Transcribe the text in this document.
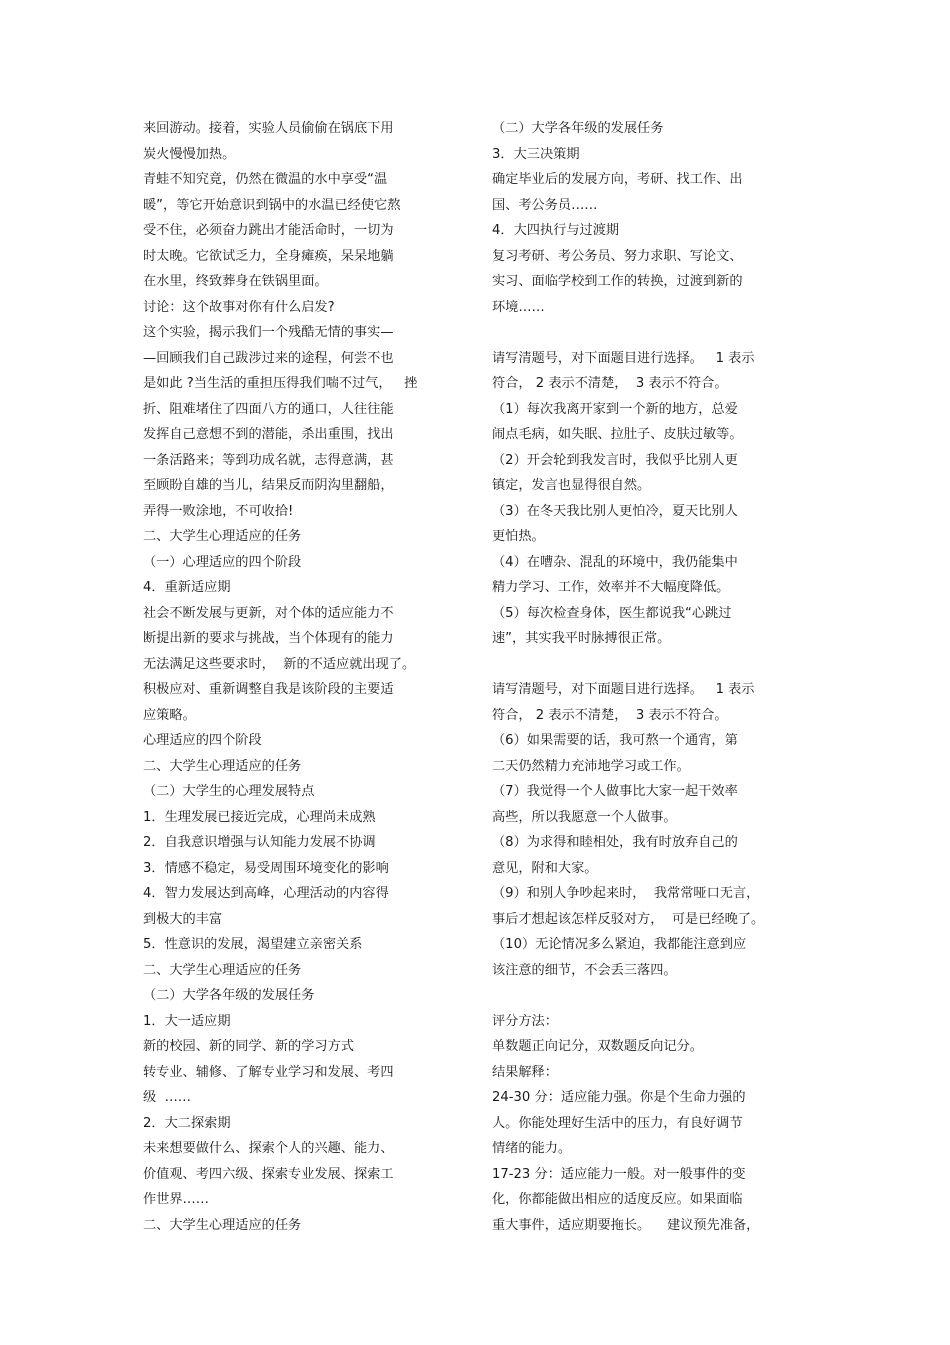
来回游动。接着，实验人员偷偷在锅底下用
炭火慢慢加热。
青蛙不知究竟，仍然在微温的水中享受“温
暖”，等它开始意识到锅中的水温已经使它熬
受不住，必须奋力跳出才能活命时，一切为
时太晚。它欲试乏力，全身瘫痪，呆呆地躺
在水里，终致葬身在铁锅里面。
讨论：这个故事对你有什么启发?
这个实验，揭示我们一个残酷无情的事实—
—回顾我们自己跋涉过来的途程，何尝不也
是如此 ?当生活的重担压得我们喘不过气，   挫
折、阻难堵住了四面八方的通口，人往往能
发挥自己意想不到的潜能，杀出重围，找出
一条活路来；等到功成名就，志得意满，甚
至顾盼自雄的当儿，结果反而阴沟里翻船，
弄得一败涂地，不可收拾!
二、大学生心理适应的任务
（一）心理适应的四个阶段
4．重新适应期
社会不断发展与更新，对个体的适应能力不
断提出新的要求与挑战，当个体现有的能力
无法满足这些要求时，  新的不适应就出现了。
积极应对、重新调整自我是该阶段的主要适
应策略。
心理适应的四个阶段
二、大学生心理适应的任务
（二）大学生的心理发展特点
1．生理发展已接近完成，心理尚未成熟
2．自我意识增强与认知能力发展不协调
3．情感不稳定，易受周围环境变化的影响
4．智力发展达到高峰，心理活动的内容得
到极大的丰富
5．性意识的发展，渴望建立亲密关系
二、大学生心理适应的任务
（二）大学各年级的发展任务
1．大一适应期
新的校园、新的同学、新的学习方式
转专业、辅修、了解专业学习和发展、考四
级  ……
2．大二探索期
未来想要做什么、探索个人的兴趣、能力、
价值观、考四六级、探索专业发展、探索工
作世界……
二、大学生心理适应的任务
（二）大学各年级的发展任务
3．大三决策期
确定毕业后的发展方向，考研、找工作、出
国、考公务员……
4．大四执行与过渡期
复习考研、考公务员、努力求职、写论文、
实习、面临学校到工作的转换，过渡到新的
环境……
请写清题号，对下面题目进行选择。   1 表示
符合， 2 表示不清楚，  3 表示不符合。
（1）每次我离开家到一个新的地方，总爱
闹点毛病，如失眠、拉肚子、皮肤过敏等。
（2）开会轮到我发言时，我似乎比别人更
镇定，发言也显得很自然。
（3）在冬天我比别人更怕冷，夏天比别人
更怕热。
（4）在嘈杂、混乱的环境中，我仍能集中
精力学习、工作，效率并不大幅度降低。
（5）每次检查身体，医生都说我“心跳过
速”，其实我平时脉搏很正常。
请写清题号，对下面题目进行选择。   1 表示
符合， 2 表示不清楚，  3 表示不符合。
（6）如果需要的话，我可熬一个通宵，第
二天仍然精力充沛地学习或工作。
（7）我觉得一个人做事比大家一起干效率
高些，所以我愿意一个人做事。
（8）为求得和睦相处，我有时放弃自己的
意见，附和大家。
（9）和别人争吵起来时，  我常常哑口无言，
事后才想起该怎样反驳对方，  可是已经晚了。
（10）无论情况多么紧迫，我都能注意到应
该注意的细节，不会丢三落四。
评分方法：
单数题正向记分，双数题反向记分。
结果解释：
24-30 分：适应能力强。你是个生命力强的
人。你能处理好生活中的压力，有良好调节
情绪的能力。
17-23 分：适应能力一般。对一般事件的变
化，你都能做出相应的适度反应。如果面临
重大事件，适应期要拖长。    建议预先准备，
